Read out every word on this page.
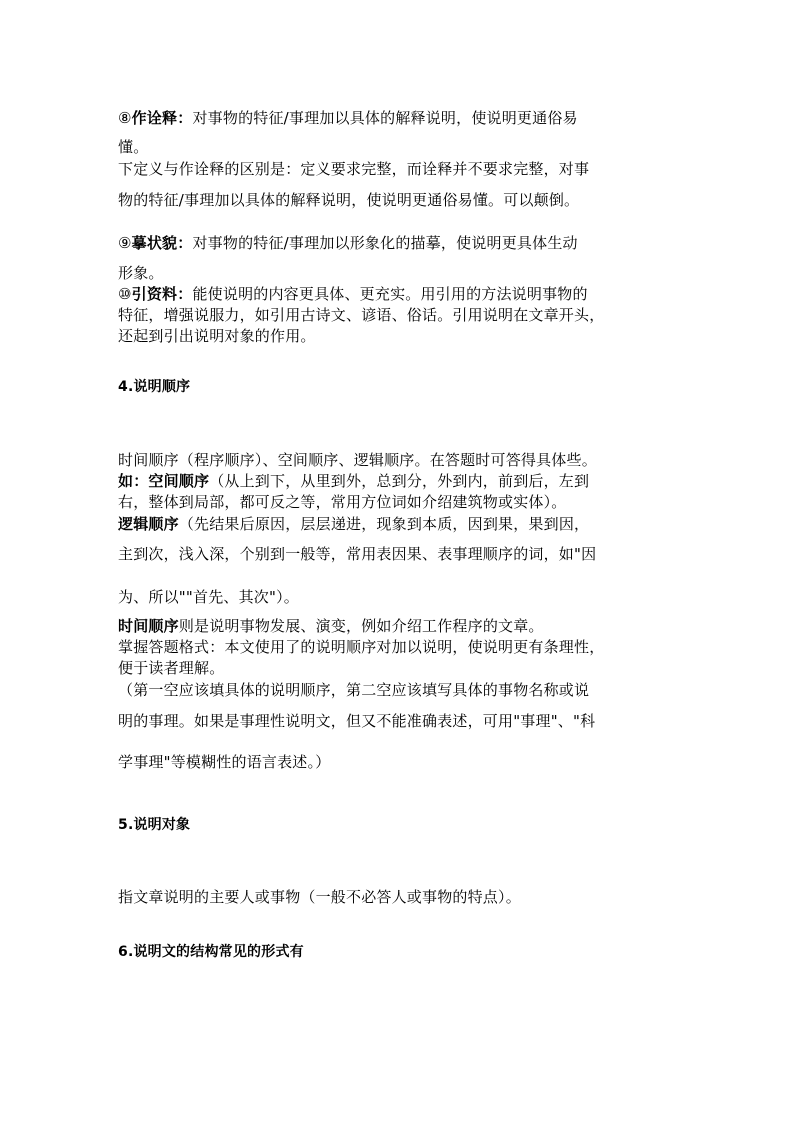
⑧作诠释：对事物的特征/事理加以具体的解释说明，使说明更通俗易
懂。
下定义与作诠释的区别是：定义要求完整，而诠释并不要求完整，对事
物的特征/事理加以具体的解释说明，使说明更通俗易懂。可以颠倒。
⑨摹状貌：对事物的特征/事理加以形象化的描摹，使说明更具体生动
形象。
⑩引资料：能使说明的内容更具体、更充实。用引用的方法说明事物的
特征，增强说服力，如引用古诗文、谚语、俗话。引用说明在文章开头，
还起到引出说明对象的作用。
4.说明顺序
时间顺序（程序顺序）、空间顺序、逻辑顺序。在答题时可答得具体些。
如：空间顺序（从上到下，从里到外，总到分，外到内，前到后，左到
右，整体到局部，都可反之等，常用方位词如介绍建筑物或实体）。
逻辑顺序（先结果后原因，层层递进，现象到本质，因到果，果到因，
主到次，浅入深，个别到一般等，常用表因果、表事理顺序的词，如"因
为、所以""首先、其次"）。
时间顺序则是说明事物发展、演变，例如介绍工作程序的文章。
掌握答题格式：本文使用了的说明顺序对加以说明，使说明更有条理性，
便于读者理解。
（第一空应该填具体的说明顺序，第二空应该填写具体的事物名称或说
明的事理。如果是事理性说明文，但又不能准确表述，可用"事理"、"科
学事理"等模糊性的语言表述。）
5.说明对象
指文章说明的主要人或事物（一般不必答人或事物的特点）。
6.说明文的结构常见的形式有
